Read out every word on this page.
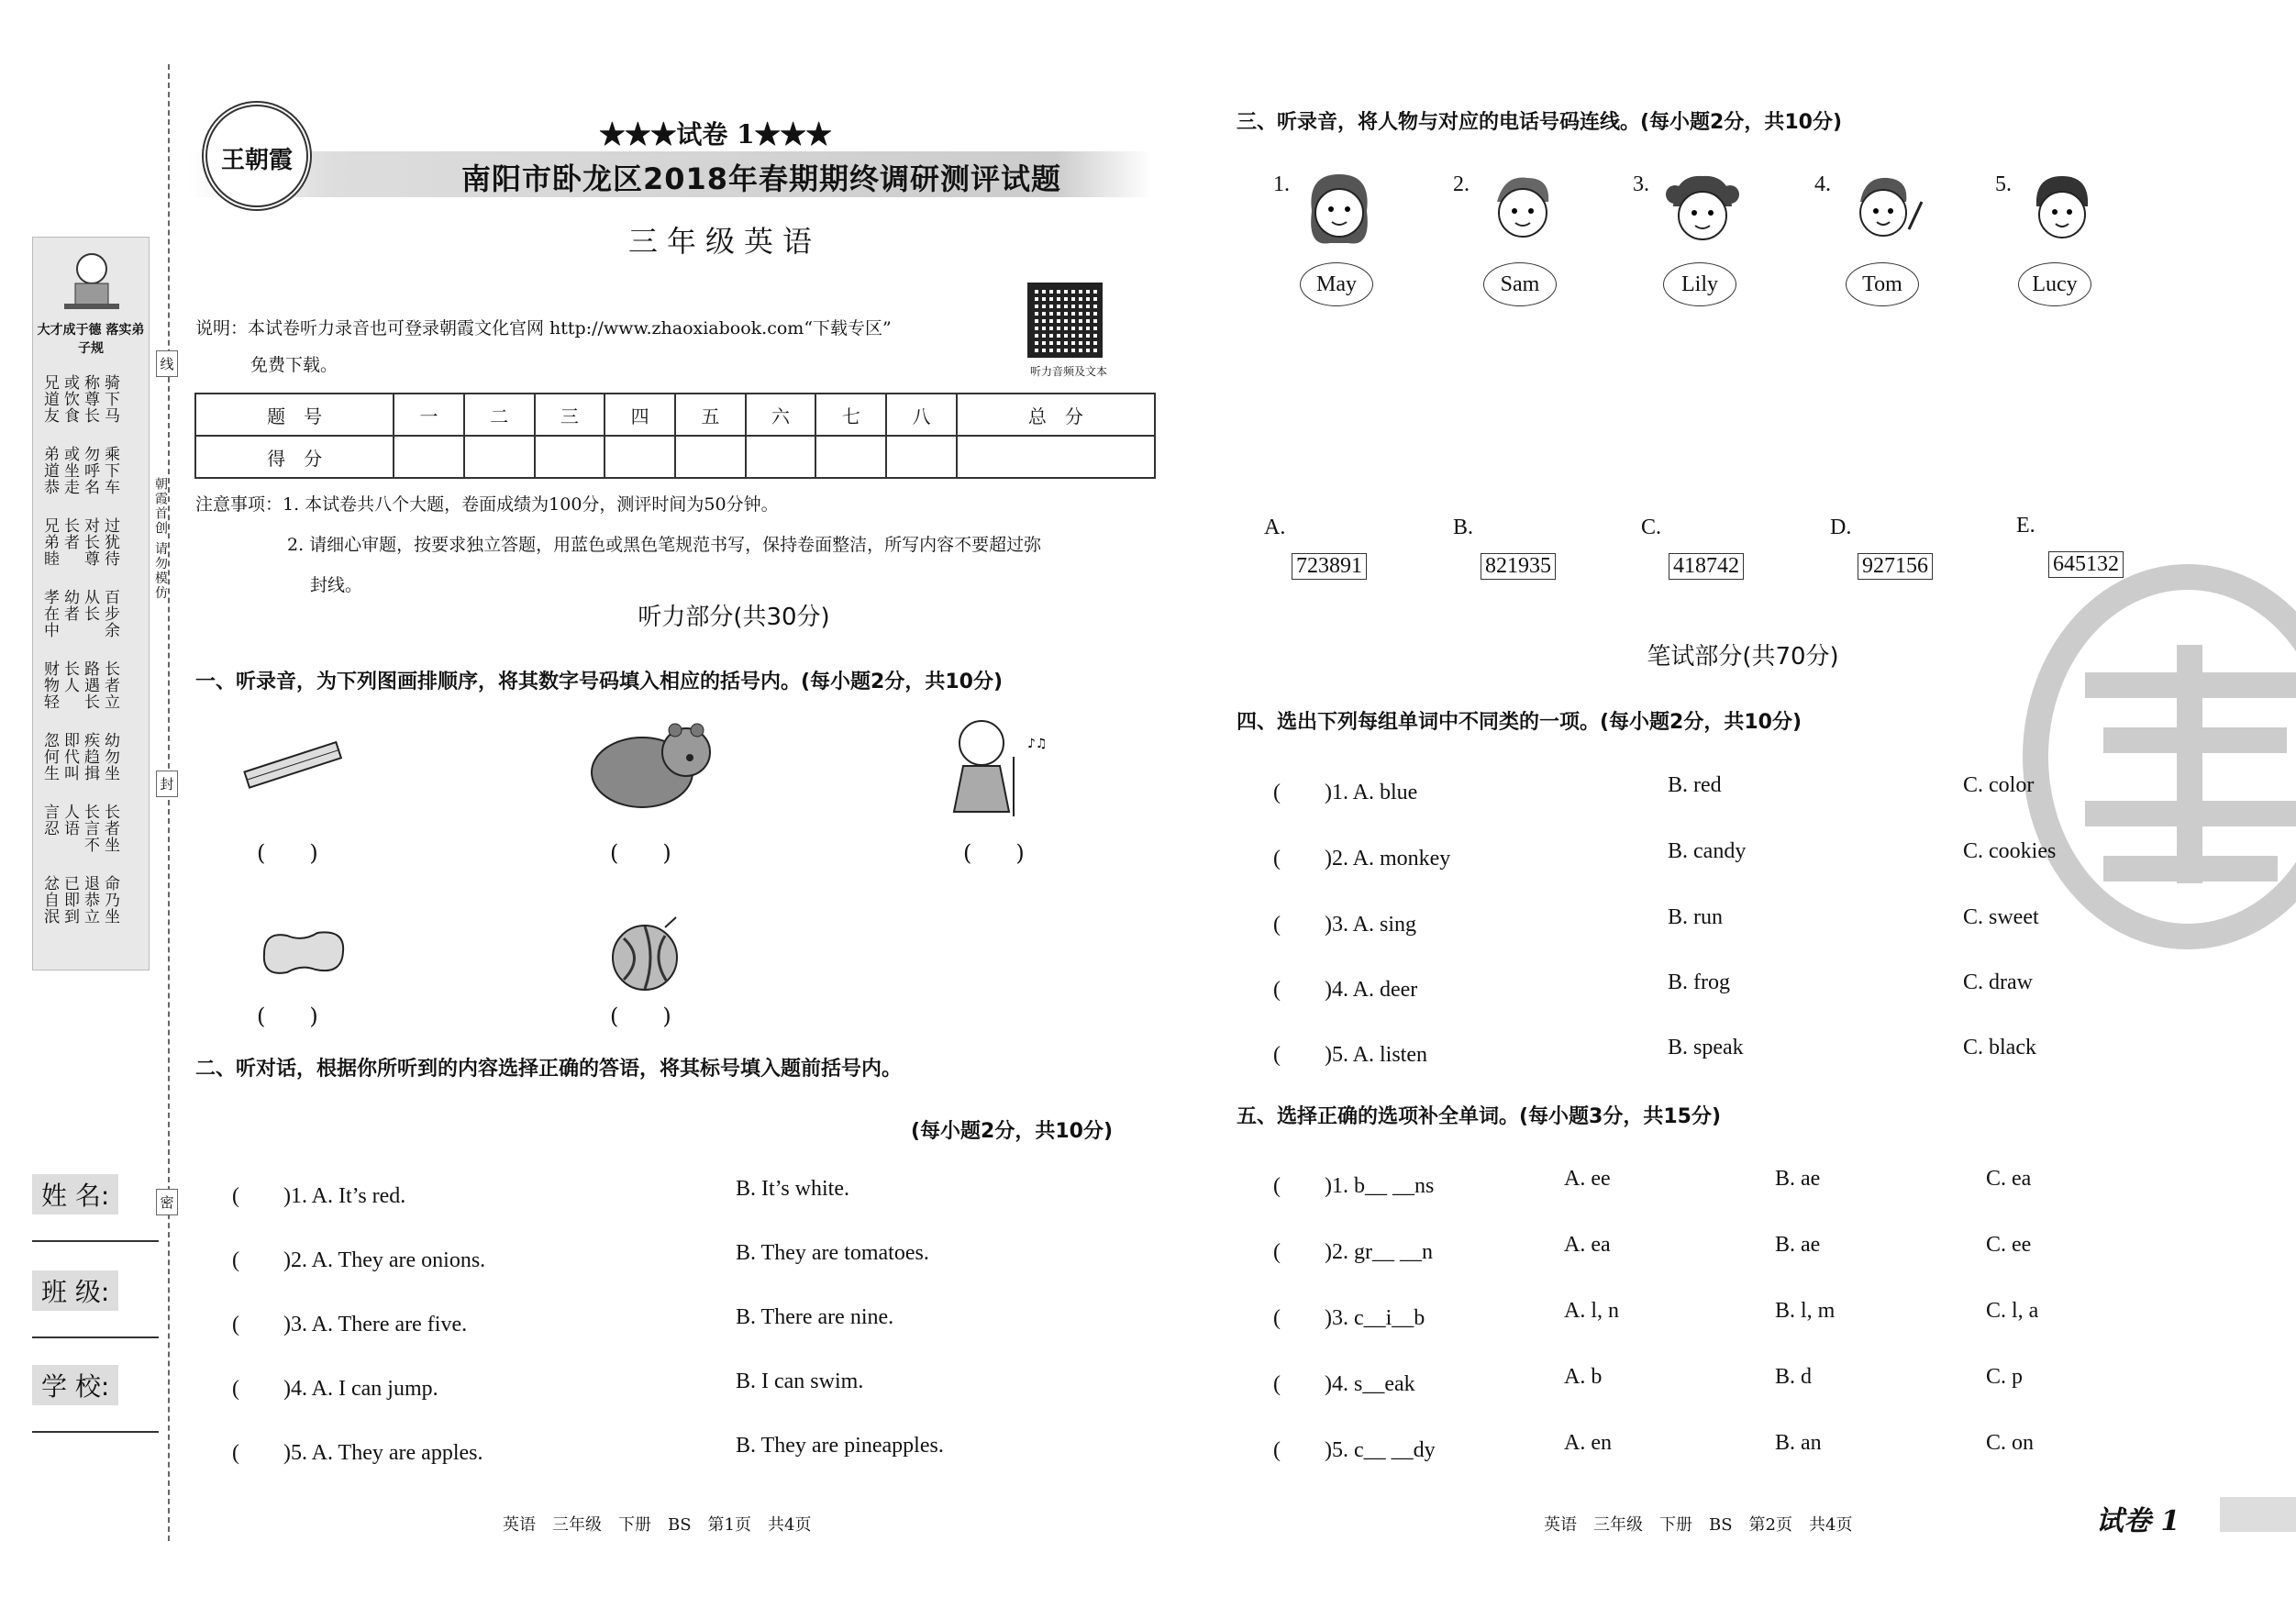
大才成于德 落实弟子规
骑下马
称尊长
或饮食
兄道友
乘下车
勿呼名
或坐走
弟道恭
过犹待
对长尊
长者
兄弟睦
百步余
从长
幼者
孝在中
长者立
路遇长
长人
财物轻
幼勿坐
疾趋揖
即代叫
忽何生
长者坐
长言不
人语
言忍
命乃坐
退恭立
已即到
忿自泯
线
朝霞首创 请勿模仿
封
密
姓 名:
班 级:
学 校:
王朝霞
★★★试卷 1★★★
南阳市卧龙区2018年春期期终调研测评试题
三年级英语
说明：本试卷听力录音也可登录朝霞文化官网 http://www.zhaoxiabook.com“下载专区”
免费下载。	听力音频及文本
题　号	一	二	三	四	五	六	七	八	总　分
得　分									
注意事项：1. 本试卷共八个大题，卷面成绩为100分，测评时间为50分钟。
2. 请细心审题，按要求独立答题，用蓝色或黑色笔规范书写，保持卷面整洁，所写内容不要超过弥
封线。
听力部分(共30分)
一、听录音，为下列图画排顺序，将其数字号码填入相应的括号内。(每小题2分，共10分)
♪♫
(　　)	(　　)	(　　)
(　　)	(　　)
二、听对话，根据你所听到的内容选择正确的答语，将其标号填入题前括号内。
(每小题2分，共10分)
(　　)1. A. It’s red.	B. It’s white.
(　　)2. A. They are onions.	B. They are tomatoes.
(　　)3. A. There are five.	B. There are nine.
(　　)4. A. I can jump.	B. I can swim.
(　　)5. A. They are apples.	B. They are pineapples.
英语　三年级　下册　BS　第1页　共4页
三、听录音，将人物与对应的电话号码连线。(每小题2分，共10分)
1.
May
2.
Sam
3.
Lily
4.
Tom
5.
Lucy
A.
723891
B.
821935
C.
418742
D.
927156
E.
645132
笔试部分(共70分)
四、选出下列每组单词中不同类的一项。(每小题2分，共10分)
(　　)1. A. blue	B. red	C. color
(　　)2. A. monkey	B. candy	C. cookies
(　　)3. A. sing	B. run	C. sweet
(　　)4. A. deer	B. frog	C. draw
(　　)5. A. listen	B. speak	C. black
五、选择正确的选项补全单词。(每小题3分，共15分)
(　　)1. b__ __ns	A. ee	B. ae	C. ea
(　　)2. gr__ __n	A. ea	B. ae	C. ee
(　　)3. c__i__b	A. l, n	B. l, m	C. l, a
(　　)4. s__eak	A. b	B. d	C. p
(　　)5. c__ __dy	A. en	B. an	C. on
英语　三年级　下册　BS　第2页　共4页	试卷 1
